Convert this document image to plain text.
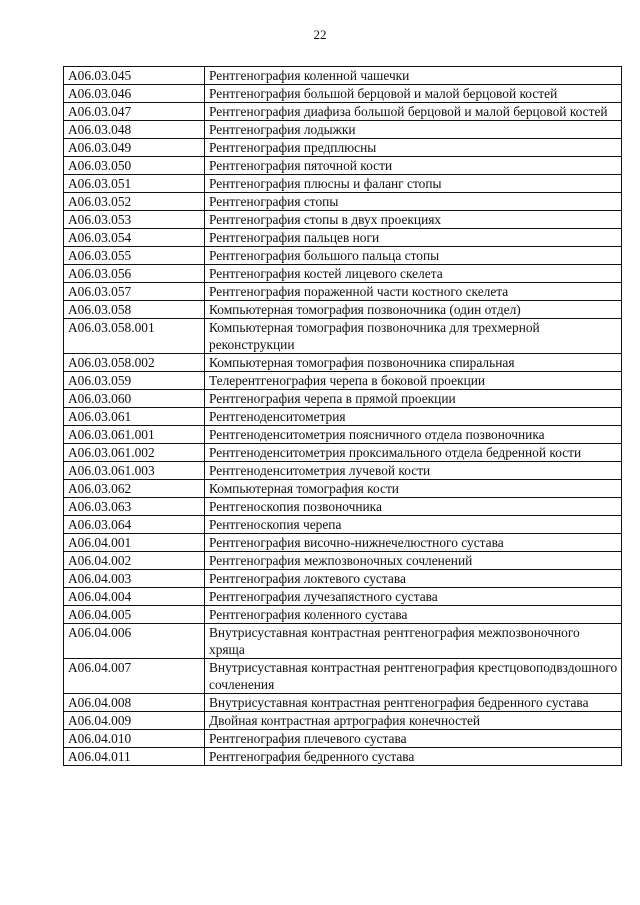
22
A06.03.045	Рентгенография коленной чашечки
A06.03.046	Рентгенография большой берцовой и малой берцовой костей
A06.03.047	Рентгенография диафиза большой берцовой и малой берцовой костей
A06.03.048	Рентгенография лодыжки
A06.03.049	Рентгенография предплюсны
A06.03.050	Рентгенография пяточной кости
A06.03.051	Рентгенография плюсны и фаланг стопы
A06.03.052	Рентгенография стопы
A06.03.053	Рентгенография стопы в двух проекциях
A06.03.054	Рентгенография пальцев ноги
A06.03.055	Рентгенография большого пальца стопы
A06.03.056	Рентгенография костей лицевого скелета
A06.03.057	Рентгенография пораженной части костного скелета
A06.03.058	Компьютерная томография позвоночника (один отдел)
A06.03.058.001	Компьютерная томография позвоночника для трехмерной реконструкции
A06.03.058.002	Компьютерная томография позвоночника спиральная
A06.03.059	Телерентгенография черепа в боковой проекции
A06.03.060	Рентгенография черепа в прямой проекции
A06.03.061	Рентгеноденситометрия
A06.03.061.001	Рентгеноденситометрия поясничного отдела позвоночника
A06.03.061.002	Рентгеноденситометрия проксимального отдела бедренной кости
A06.03.061.003	Рентгеноденситометрия лучевой кости
A06.03.062	Компьютерная томография кости
A06.03.063	Рентгеноскопия позвоночника
A06.03.064	Рентгеноскопия черепа
A06.04.001	Рентгенография височно-нижнечелюстного сустава
A06.04.002	Рентгенография межпозвоночных сочленений
A06.04.003	Рентгенография локтевого сустава
A06.04.004	Рентгенография лучезапястного сустава
A06.04.005	Рентгенография коленного сустава
A06.04.006	Внутрисуставная контрастная рентгенография межпозвоночного хряща
A06.04.007	Внутрисуставная контрастная рентгенография крестцовоподвздошного сочленения
A06.04.008	Внутрисуставная контрастная рентгенография бедренного сустава
A06.04.009	Двойная контрастная артрография конечностей
A06.04.010	Рентгенография плечевого сустава
A06.04.011	Рентгенография бедренного сустава
